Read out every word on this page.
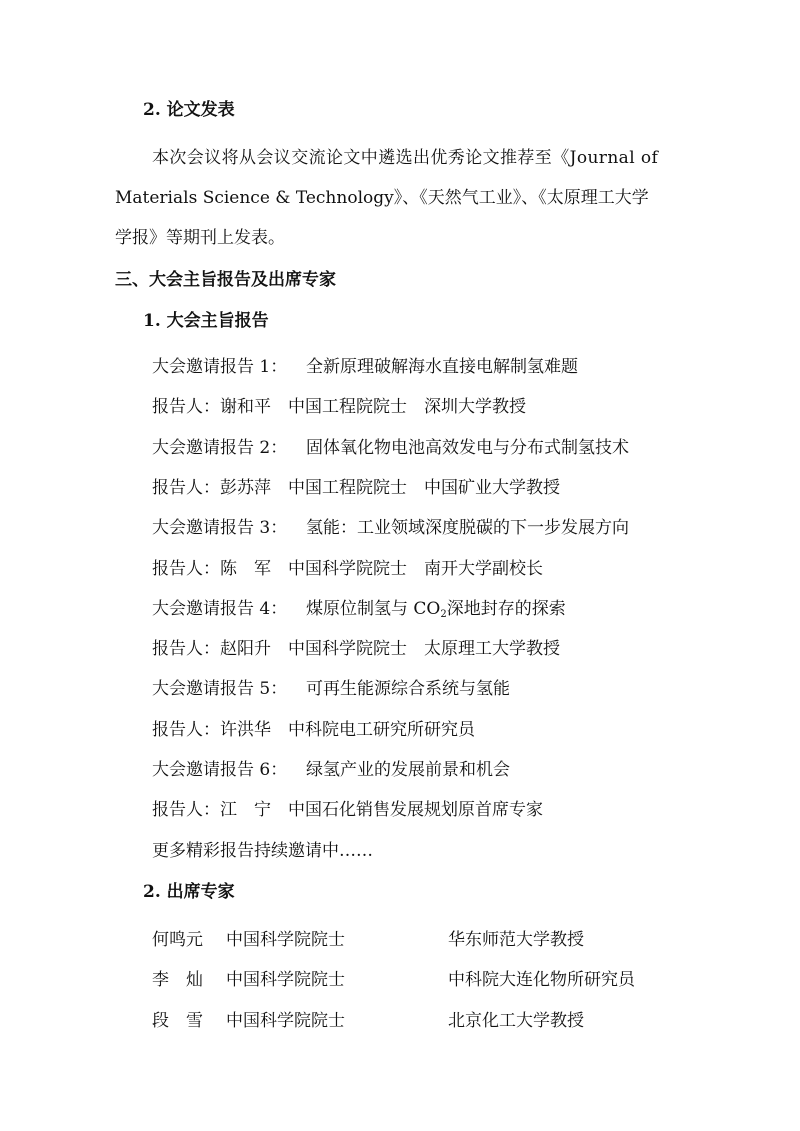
2. 论文发表
本次会议将从会议交流论文中遴选出优秀论文推荐至《Journal of
Materials Science & Technology》、《天然气工业》、《太原理工大学
学报》等期刊上发表。
三、大会主旨报告及出席专家
1. 大会主旨报告
大会邀请报告 1： 全新原理破解海水直接电解制氢难题
报告人：谢和平　中国工程院院士　深圳大学教授
大会邀请报告 2： 固体氧化物电池高效发电与分布式制氢技术
报告人：彭苏萍　中国工程院院士　中国矿业大学教授
大会邀请报告 3： 氢能：工业领域深度脱碳的下一步发展方向
报告人：陈　军　中国科学院院士　南开大学副校长
大会邀请报告 4： 煤原位制氢与 $CO_2$深地封存的探索
报告人：赵阳升　中国科学院院士　太原理工大学教授
大会邀请报告 5： 可再生能源综合系统与氢能
报告人：许洪华　中科院电工研究所研究员
大会邀请报告 6： 绿氢产业的发展前景和机会
报告人：江　宁　中国石化销售发展规划原首席专家
更多精彩报告持续邀请中……
2. 出席专家
何鸣元 中国科学院院士	华东师范大学教授
李　灿 中国科学院院士	中科院大连化物所研究员
段　雪 中国科学院院士	北京化工大学教授
